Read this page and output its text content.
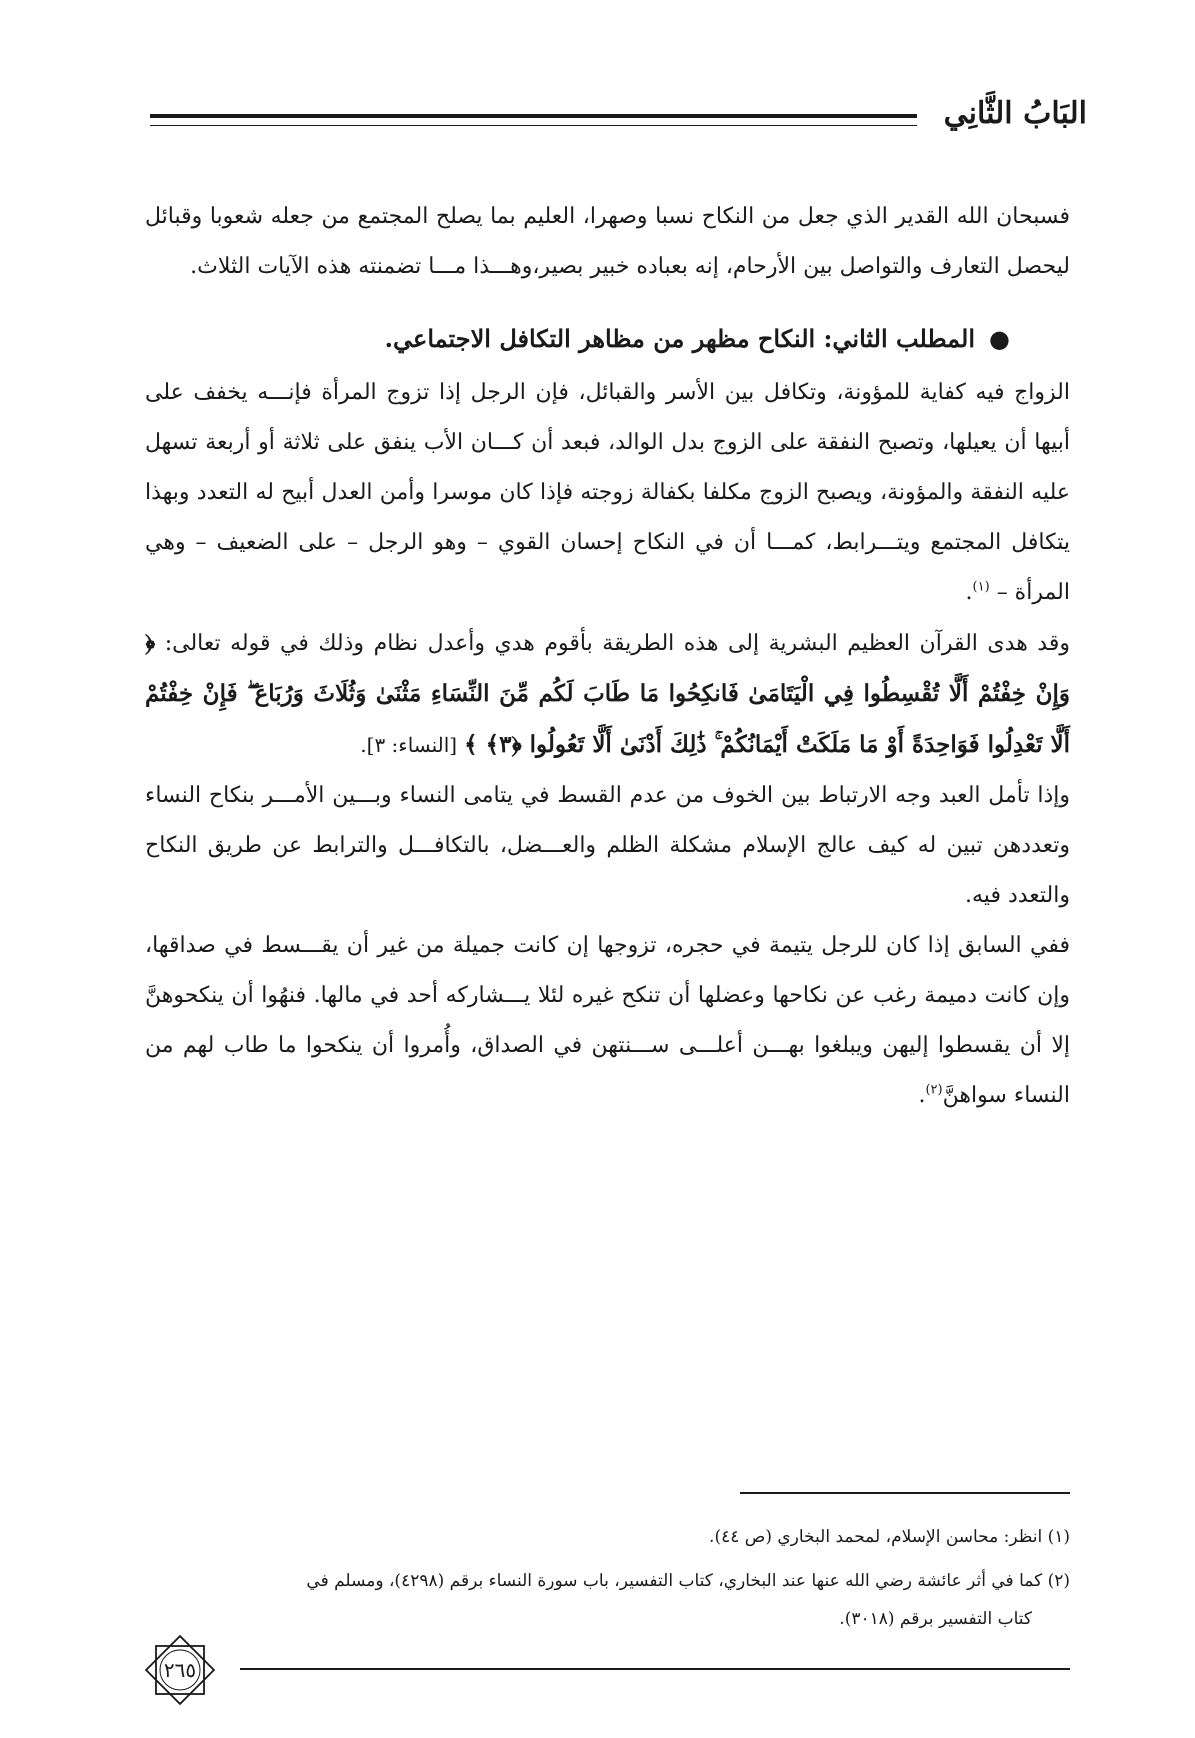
البَابُ الثَّانِي

فسبحان الله القدير الذي جعل من النكاح نسبا وصهرا، العليم بما يصلح المجتمع من جعله شعوبا وقبائل ليحصل التعارف والتواصل بين الأرحام، إنه بعباده خبير بصير،وهـــذا مـــا تضمنته هذه الآيات الثلاث.

●المطلب الثاني: النكاح مظهر من مظاهر التكافل الاجتماعي.

الزواج فيه كفاية للمؤونة، وتكافل بين الأسر والقبائل، فإن الرجل إذا تزوج المرأة فإنـــه يخفف على أبيها أن يعيلها، وتصبح النفقة على الزوج بدل الوالد، فبعد أن كـــان الأب ينفق على ثلاثة أو أربعة تسهل عليه النفقة والمؤونة، ويصبح الزوج مكلفا بكفالة زوجته فإذا كان موسرا وأمن العدل أبيح له التعدد وبهذا يتكافل المجتمع ويتـــرابط، كمـــا أن في النكاح إحسان القوي – وهو الرجل – على الضعيف – وهي المرأة – $^{(١)}$.

وقد هدى القرآن العظيم البشرية إلى هذه الطريقة بأقوم هدي وأعدل نظام وذلك في قوله تعالى: ﴿ وَإِنْ خِفْتُمْ أَلَّا تُقْسِطُوا فِي الْيَتَامَىٰ فَانكِحُوا مَا طَابَ لَكُم مِّنَ النِّسَاءِ مَثْنَىٰ وَثُلَاثَ وَرُبَاعَ ۖ فَإِنْ خِفْتُمْ أَلَّا تَعْدِلُوا فَوَاحِدَةً أَوْ مَا مَلَكَتْ أَيْمَانُكُمْ ۚ ذَٰلِكَ أَدْنَىٰ أَلَّا تَعُولُوا ﴿٣﴾ ﴾ [النساء: ٣].

وإذا تأمل العبد وجه الارتباط بين الخوف من عدم القسط في يتامى النساء وبـــين الأمـــر بنكاح النساء وتعددهن تبين له كيف عالج الإسلام مشكلة الظلم والعـــضل، بالتكافـــل والترابط عن طريق النكاح والتعدد فيه.

ففي السابق إذا كان للرجل يتيمة في حجره، تزوجها إن كانت جميلة من غير أن يقـــسط في صداقها، وإن كانت دميمة رغب عن نكاحها وعضلها أن تنكح غيره لئلا يـــشاركه أحد في مالها. فنهُوا أن ينكحوهنَّ إلا أن يقسطوا إليهن ويبلغوا بهـــن أعلـــى ســـنتهن في الصداق، وأُمروا أن ينكحوا ما طاب لهم من النساء سواهنَّ$^{(٢)}$.

(١) انظر: محاسن الإسلام، لمحمد البخاري (ص ٤٤).

(٢) كما في أثر عائشة رضي الله عنها عند البخاري، كتاب التفسير، باب سورة النساء برقم (٤٢٩٨)، ومسلم في
كتاب التفسير برقم (٣٠١٨).

٢٦٥
